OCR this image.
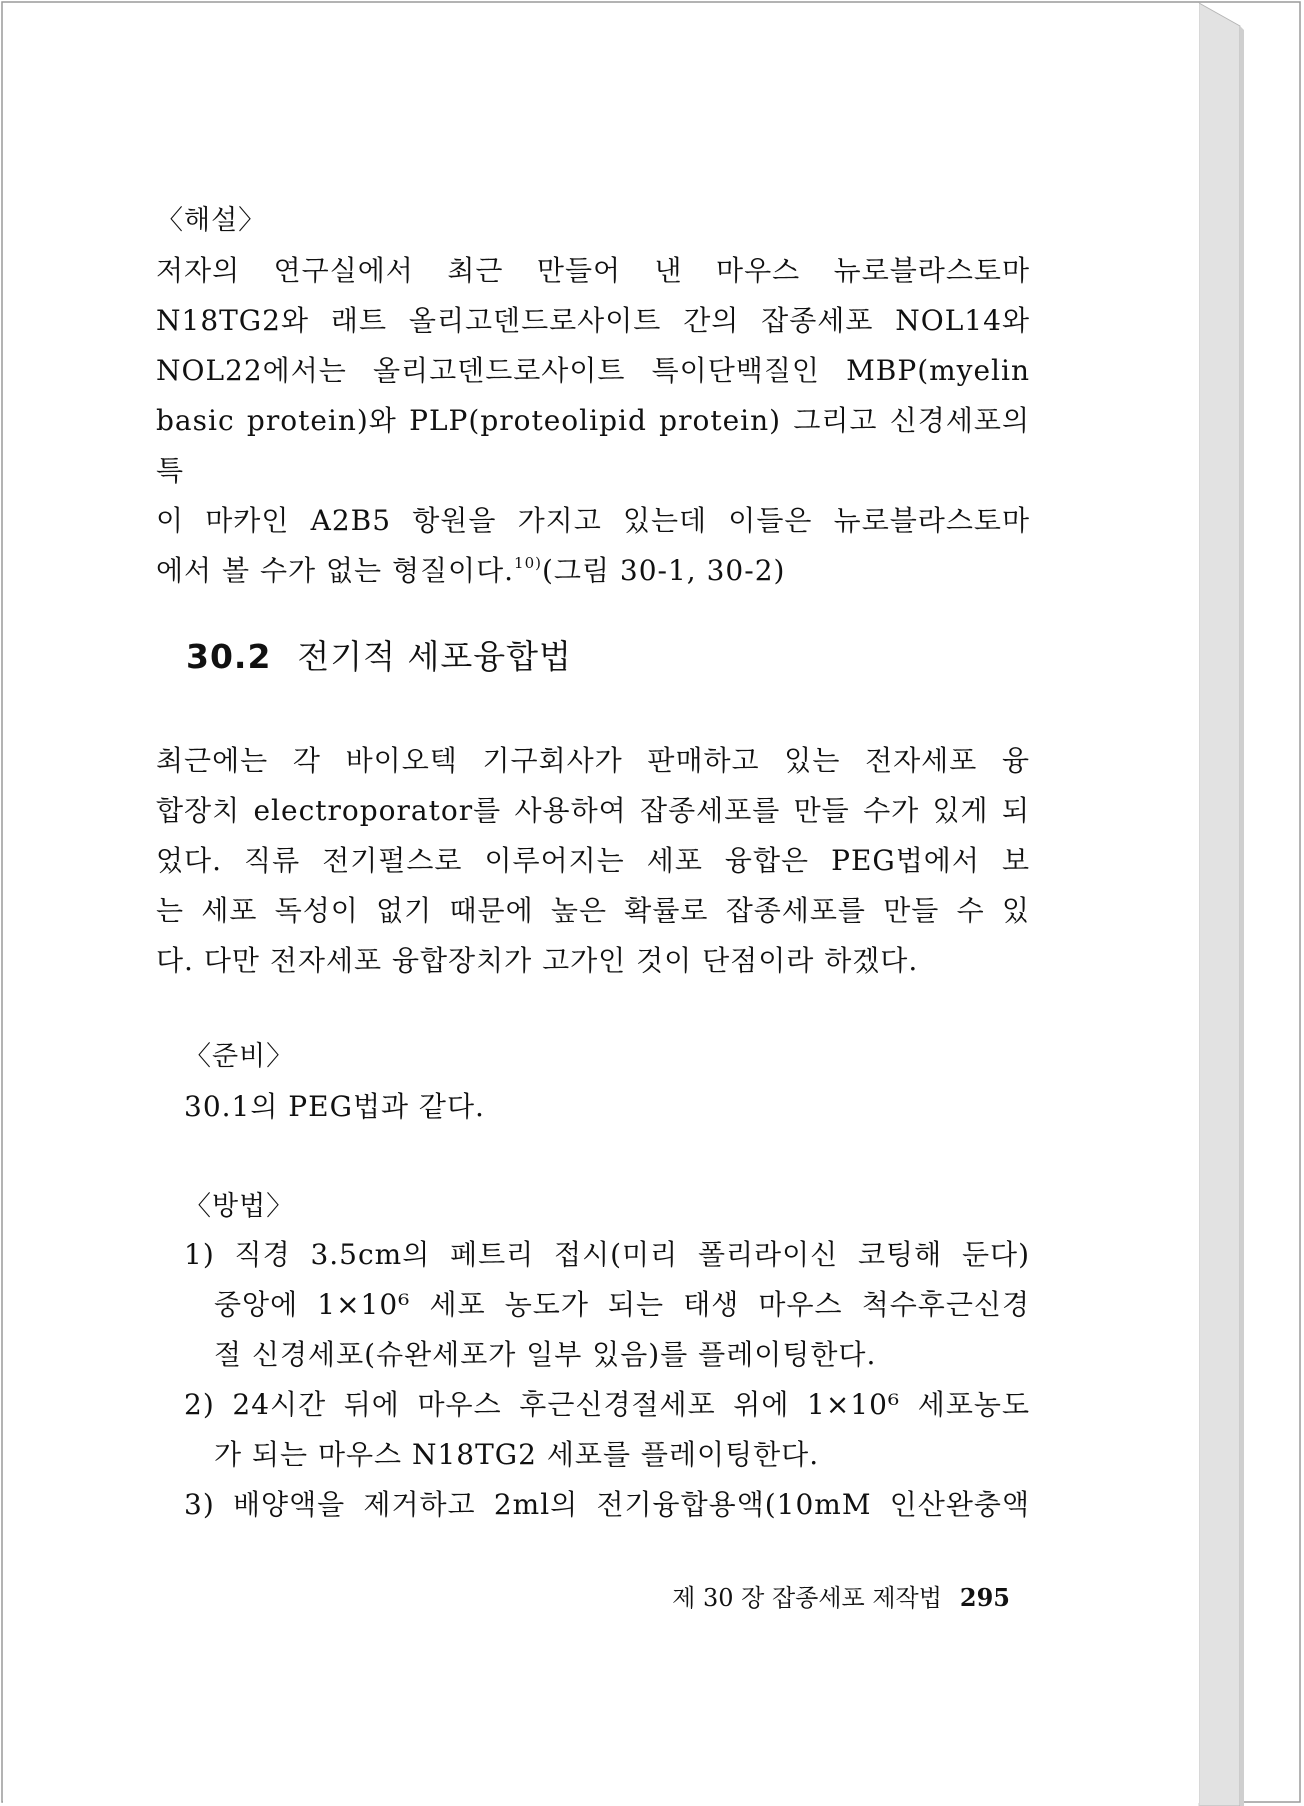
〈해설〉
저자의 연구실에서 최근 만들어 낸 마우스 뉴로블라스토마
N18TG2와 래트 올리고덴드로사이트 간의 잡종세포 NOL14와
NOL22에서는 올리고덴드로사이트 특이단백질인 MBP(myelin
basic protein)와 PLP(proteolipid protein) 그리고 신경세포의 특
이 마카인 A2B5 항원을 가지고 있는데 이들은 뉴로블라스토마
에서 볼 수가 없는 형질이다.$^{10)}$(그림 30-1, 30-2)
30.2 전기적 세포융합법
최근에는 각 바이오텍 기구회사가 판매하고 있는 전자세포 융
합장치 electroporator를 사용하여 잡종세포를 만들 수가 있게 되
었다. 직류 전기펄스로 이루어지는 세포 융합은 PEG법에서 보
는 세포 독성이 없기 때문에 높은 확률로 잡종세포를 만들 수 있
다. 다만 전자세포 융합장치가 고가인 것이 단점이라 하겠다.
〈준비〉
30.1의 PEG법과 같다.
〈방법〉
1) 직경 3.5cm의 페트리 접시(미리 폴리라이신 코팅해 둔다)
중앙에 1×10⁶ 세포 농도가 되는 태생 마우스 척수후근신경
절 신경세포(슈완세포가 일부 있음)를 플레이팅한다.
2) 24시간 뒤에 마우스 후근신경절세포 위에 1×10⁶ 세포농도
가 되는 마우스 N18TG2 세포를 플레이팅한다.
3) 배양액을 제거하고 2ml의 전기융합용액(10mM 인산완충액
제 30 장 잡종세포 제작법 295
